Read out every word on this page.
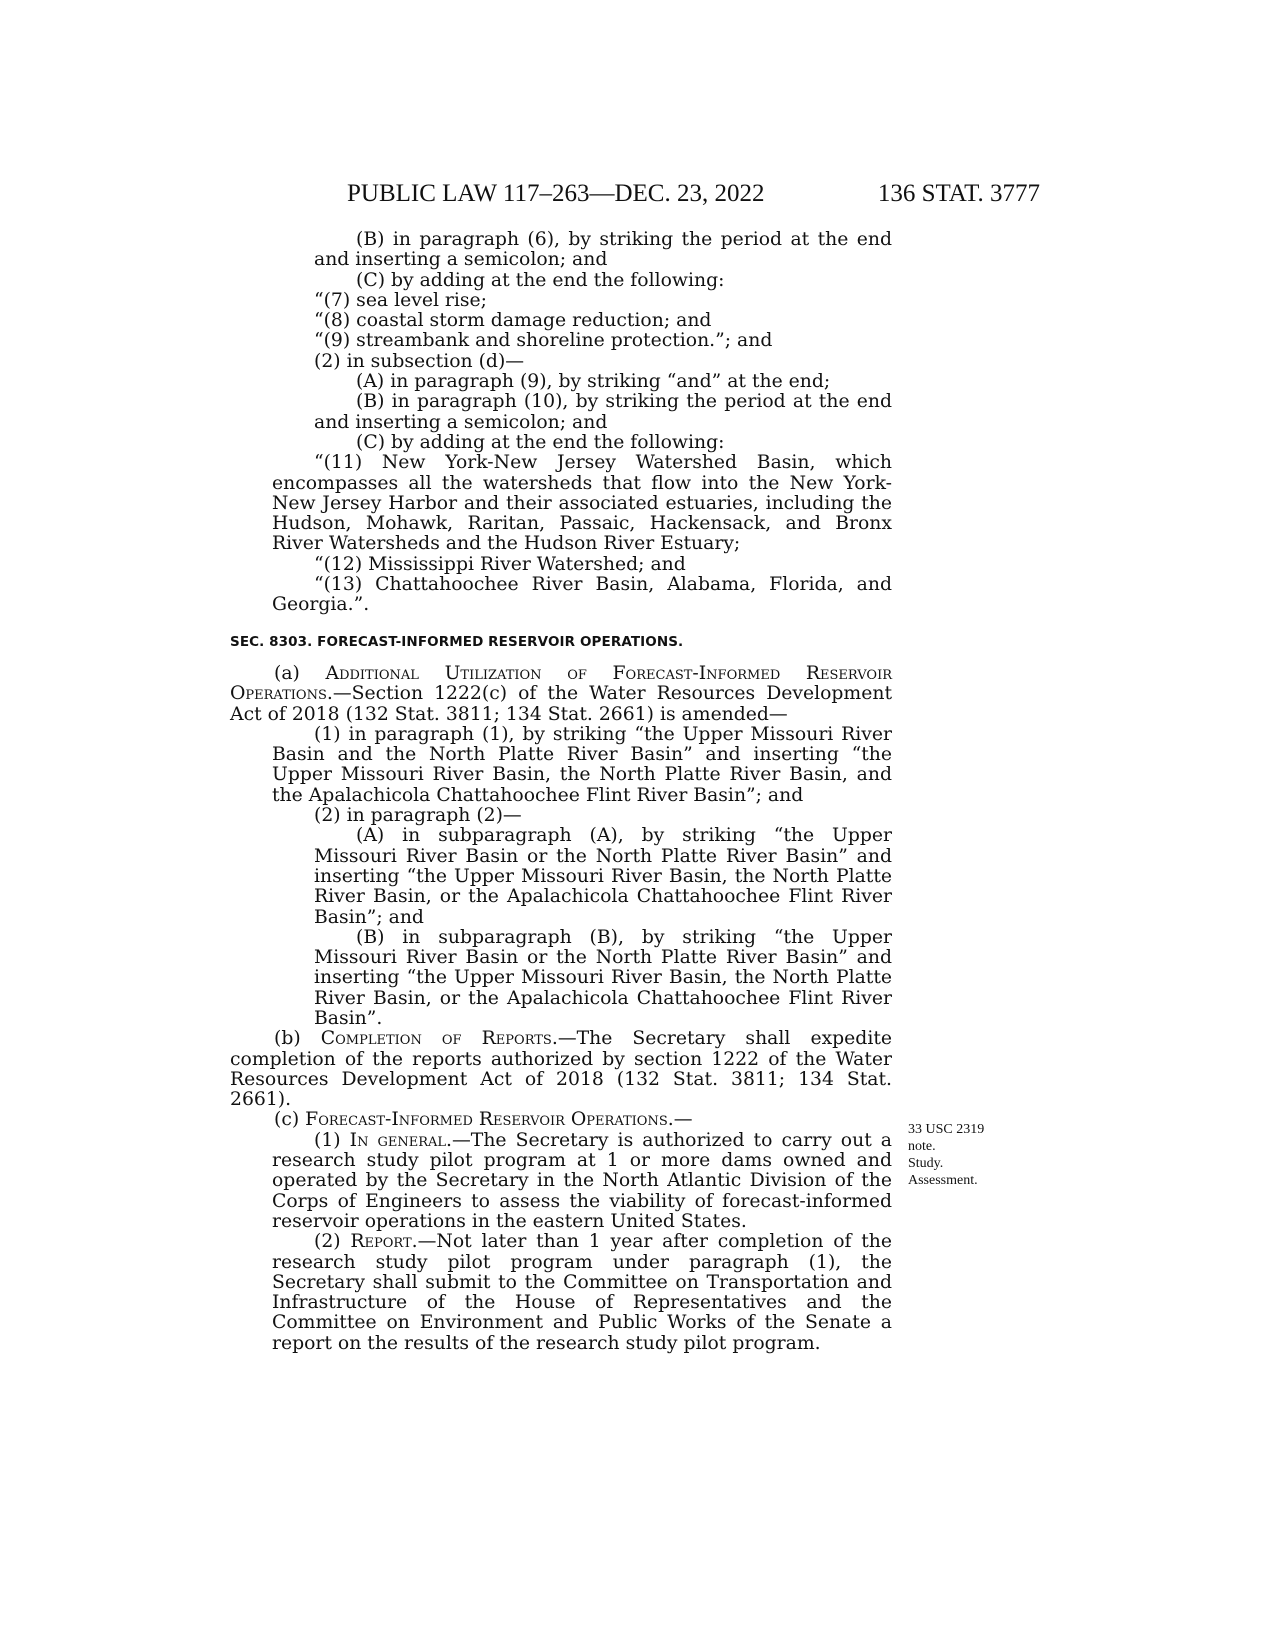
PUBLIC LAW 117–263—DEC. 23, 2022	136 STAT. 3777

(B) in paragraph (6), by striking the period at the end and inserting a semicolon; and

(C) by adding at the end the following:

“(7) sea level rise;

“(8) coastal storm damage reduction; and

“(9) streambank and shoreline protection.”; and

(2) in subsection (d)—

(A) in paragraph (9), by striking “and” at the end;

(B) in paragraph (10), by striking the period at the end and inserting a semicolon; and

(C) by adding at the end the following:

“(11) New York-New Jersey Watershed Basin, which encompasses all the watersheds that flow into the New York-New Jersey Harbor and their associated estuaries, including the Hudson, Mohawk, Raritan, Passaic, Hackensack, and Bronx River Watersheds and the Hudson River Estuary;

“(12) Mississippi River Watershed; and

“(13) Chattahoochee River Basin, Alabama, Florida, and Georgia.”.

SEC. 8303. FORECAST-INFORMED RESERVOIR OPERATIONS.

(a) Additional Utilization of Forecast-Informed Reservoir Operations.—Section 1222(c) of the Water Resources Development Act of 2018 (132 Stat. 3811; 134 Stat. 2661) is amended—

(1) in paragraph (1), by striking “the Upper Missouri River Basin and the North Platte River Basin” and inserting “the Upper Missouri River Basin, the North Platte River Basin, and the Apalachicola Chattahoochee Flint River Basin”; and

(2) in paragraph (2)—

(A) in subparagraph (A), by striking “the Upper Missouri River Basin or the North Platte River Basin” and inserting “the Upper Missouri River Basin, the North Platte River Basin, or the Apalachicola Chattahoochee Flint River Basin”; and

(B) in subparagraph (B), by striking “the Upper Missouri River Basin or the North Platte River Basin” and inserting “the Upper Missouri River Basin, the North Platte River Basin, or the Apalachicola Chattahoochee Flint River Basin”.

(b) Completion of Reports.—The Secretary shall expedite completion of the reports authorized by section 1222 of the Water Resources Development Act of 2018 (132 Stat. 3811; 134 Stat. 2661).

(c) Forecast-Informed Reservoir Operations.—

(1) In general.—The Secretary is authorized to carry out a research study pilot program at 1 or more dams owned and operated by the Secretary in the North Atlantic Division of the Corps of Engineers to assess the viability of forecast-informed reservoir operations in the eastern United States.

(2) Report.—Not later than 1 year after completion of the research study pilot program under paragraph (1), the Secretary shall submit to the Committee on Transportation and Infrastructure of the House of Representatives and the Committee on Environment and Public Works of the Senate a report on the results of the research study pilot program.

33 USC 2319
note.
Study.
Assessment.
